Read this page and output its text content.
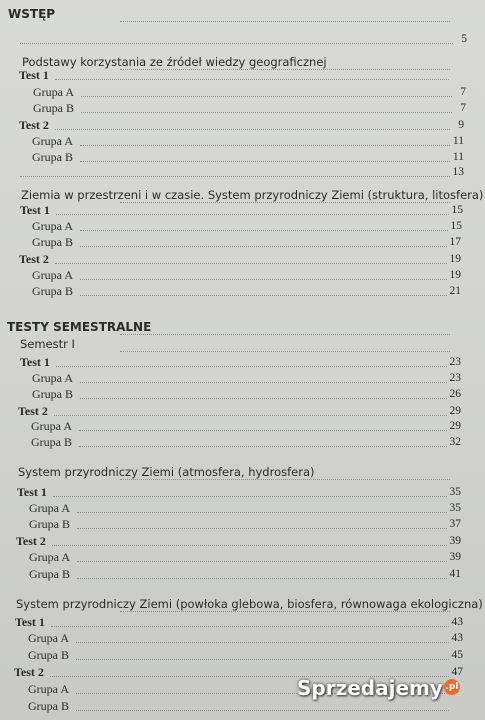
WSTĘP
5
Podstawy korzystania ze źródeł wiedzy geograficznej
Test 1
Grupa A	7
Grupa B	7
Test 2	9
Grupa A	11
Grupa B	11
13
Ziemia w przestrzeni i w czasie. System przyrodniczy Ziemi (struktura, litosfera)
Test 1	15
Grupa A	15
Grupa B	17
Test 2	19
Grupa A	19
Grupa B	21
TESTY SEMESTRALNE
Semestr I
Test 1	23
Grupa A	23
Grupa B	26
Test 2	29
Grupa A	29
Grupa B	32
System przyrodniczy Ziemi (atmosfera, hydrosfera)
Test 1	35
Grupa A	35
Grupa B	37
Test 2	39
Grupa A	39
Grupa B	41
System przyrodniczy Ziemi (powłoka glebowa, biosfera, równowaga ekologiczna)
Test 1	43
Grupa A	43
Grupa B	45
Test 2	47
Grupa A
Grupa B
Sprzedajemy .pl
